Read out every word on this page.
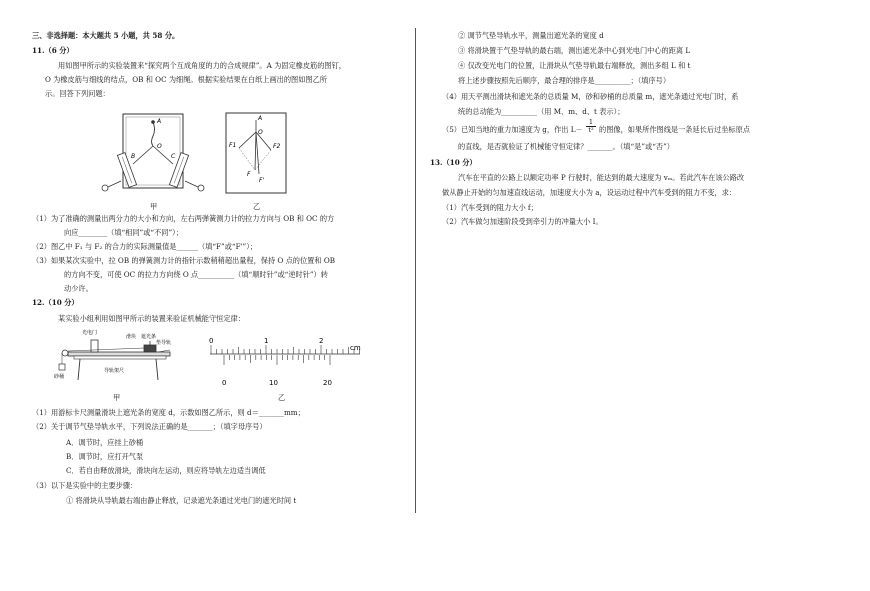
三、非选择题：本大题共 5 小题，共 58 分。
11.（6 分）
用如图甲所示的实验装置来“探究两个互成角度的力的合成规律”。A 为固定橡皮筋的图钉，
O 为橡皮筋与细线的结点，OB 和 OC 为细绳。根据实验结果在白纸上画出的图如图乙所
示。回答下列问题：
A
O
B	C
甲
A
O
F1	F2
F
F'
乙
（1）为了准确的测量出两分力的大小和方向，左右两弹簧测力计的拉力方向与 OB 和 OC 的方
向应________（填“相同”或“不同”）；
（2）图乙中 F₁ 与 F₂ 的合力的实际测量值是______（填“F”或“F'”）；
（3）如果某次实验中，拉 OB 的弹簧测力计的指针示数稍稍超出量程，保持 O 点的位置和 OB
的方向不变，可使 OC 的拉力方向绕 O 点__________（填“顺时针”或“逆时针”）转
动少许。
12.（10 分）
某实验小组利用如图甲所示的装置来验证机械能守恒定律：
光电门
滑块 遮光条
垫导轨
导轨架尺
砂桶
甲
0	1	2
cm
0	10	20
乙
（1）用游标卡尺测量滑块上遮光条的宽度 d，示数如图乙所示，则 d＝_______mm；
（2）关于调节气垫导轨水平，下列说法正确的是_______；（填字母序号）
A．调节时，应挂上砂桶
B．调节时，应打开气泵
C．若自由释放滑块，滑块向左运动，则应将导轨左边适当调低
（3）以下是实验中的主要步骤：
① 将滑块从导轨最右端由静止释放，记录遮光条通过光电门的遮光时间 t
② 调节气垫导轨水平，测量出遮光条的宽度 d
③ 将滑块置于气垫导轨的最右端，测出遮光条中心到光电门中心的距离 L
④ 仅改变光电门的位置，让滑块从气垫导轨最右端释放，测出多组 L 和 t
将上述步骤按照先后顺序，最合理的排序是__________；（填序号）
（4）用天平测出滑块和遮光条的总质量 M，砂和砂桶的总质量 m，遮光条通过光电门时，系
统的总动能为__________（用 M、m、d、t 表示）；
（5）已知当地的重力加速度为 g，作出 $L- \frac{1}{\text{t²}}$ 的图像，如果所作图线是一条延长后过坐标原点
的直线，是否就验证了机械能守恒定律？_______。（填“是”或“否”）
13.（10 分）
汽车在平直的公路上以额定功率 P 行驶时，能达到的最大速度为 vₘ。若此汽车在该公路改
做从静止开始的匀加速直线运动，加速度大小为 a，设运动过程中汽车受到的阻力不变，求：
（1）汽车受到的阻力大小 f；
（2）汽车做匀加速阶段受到牵引力的冲量大小 I。
